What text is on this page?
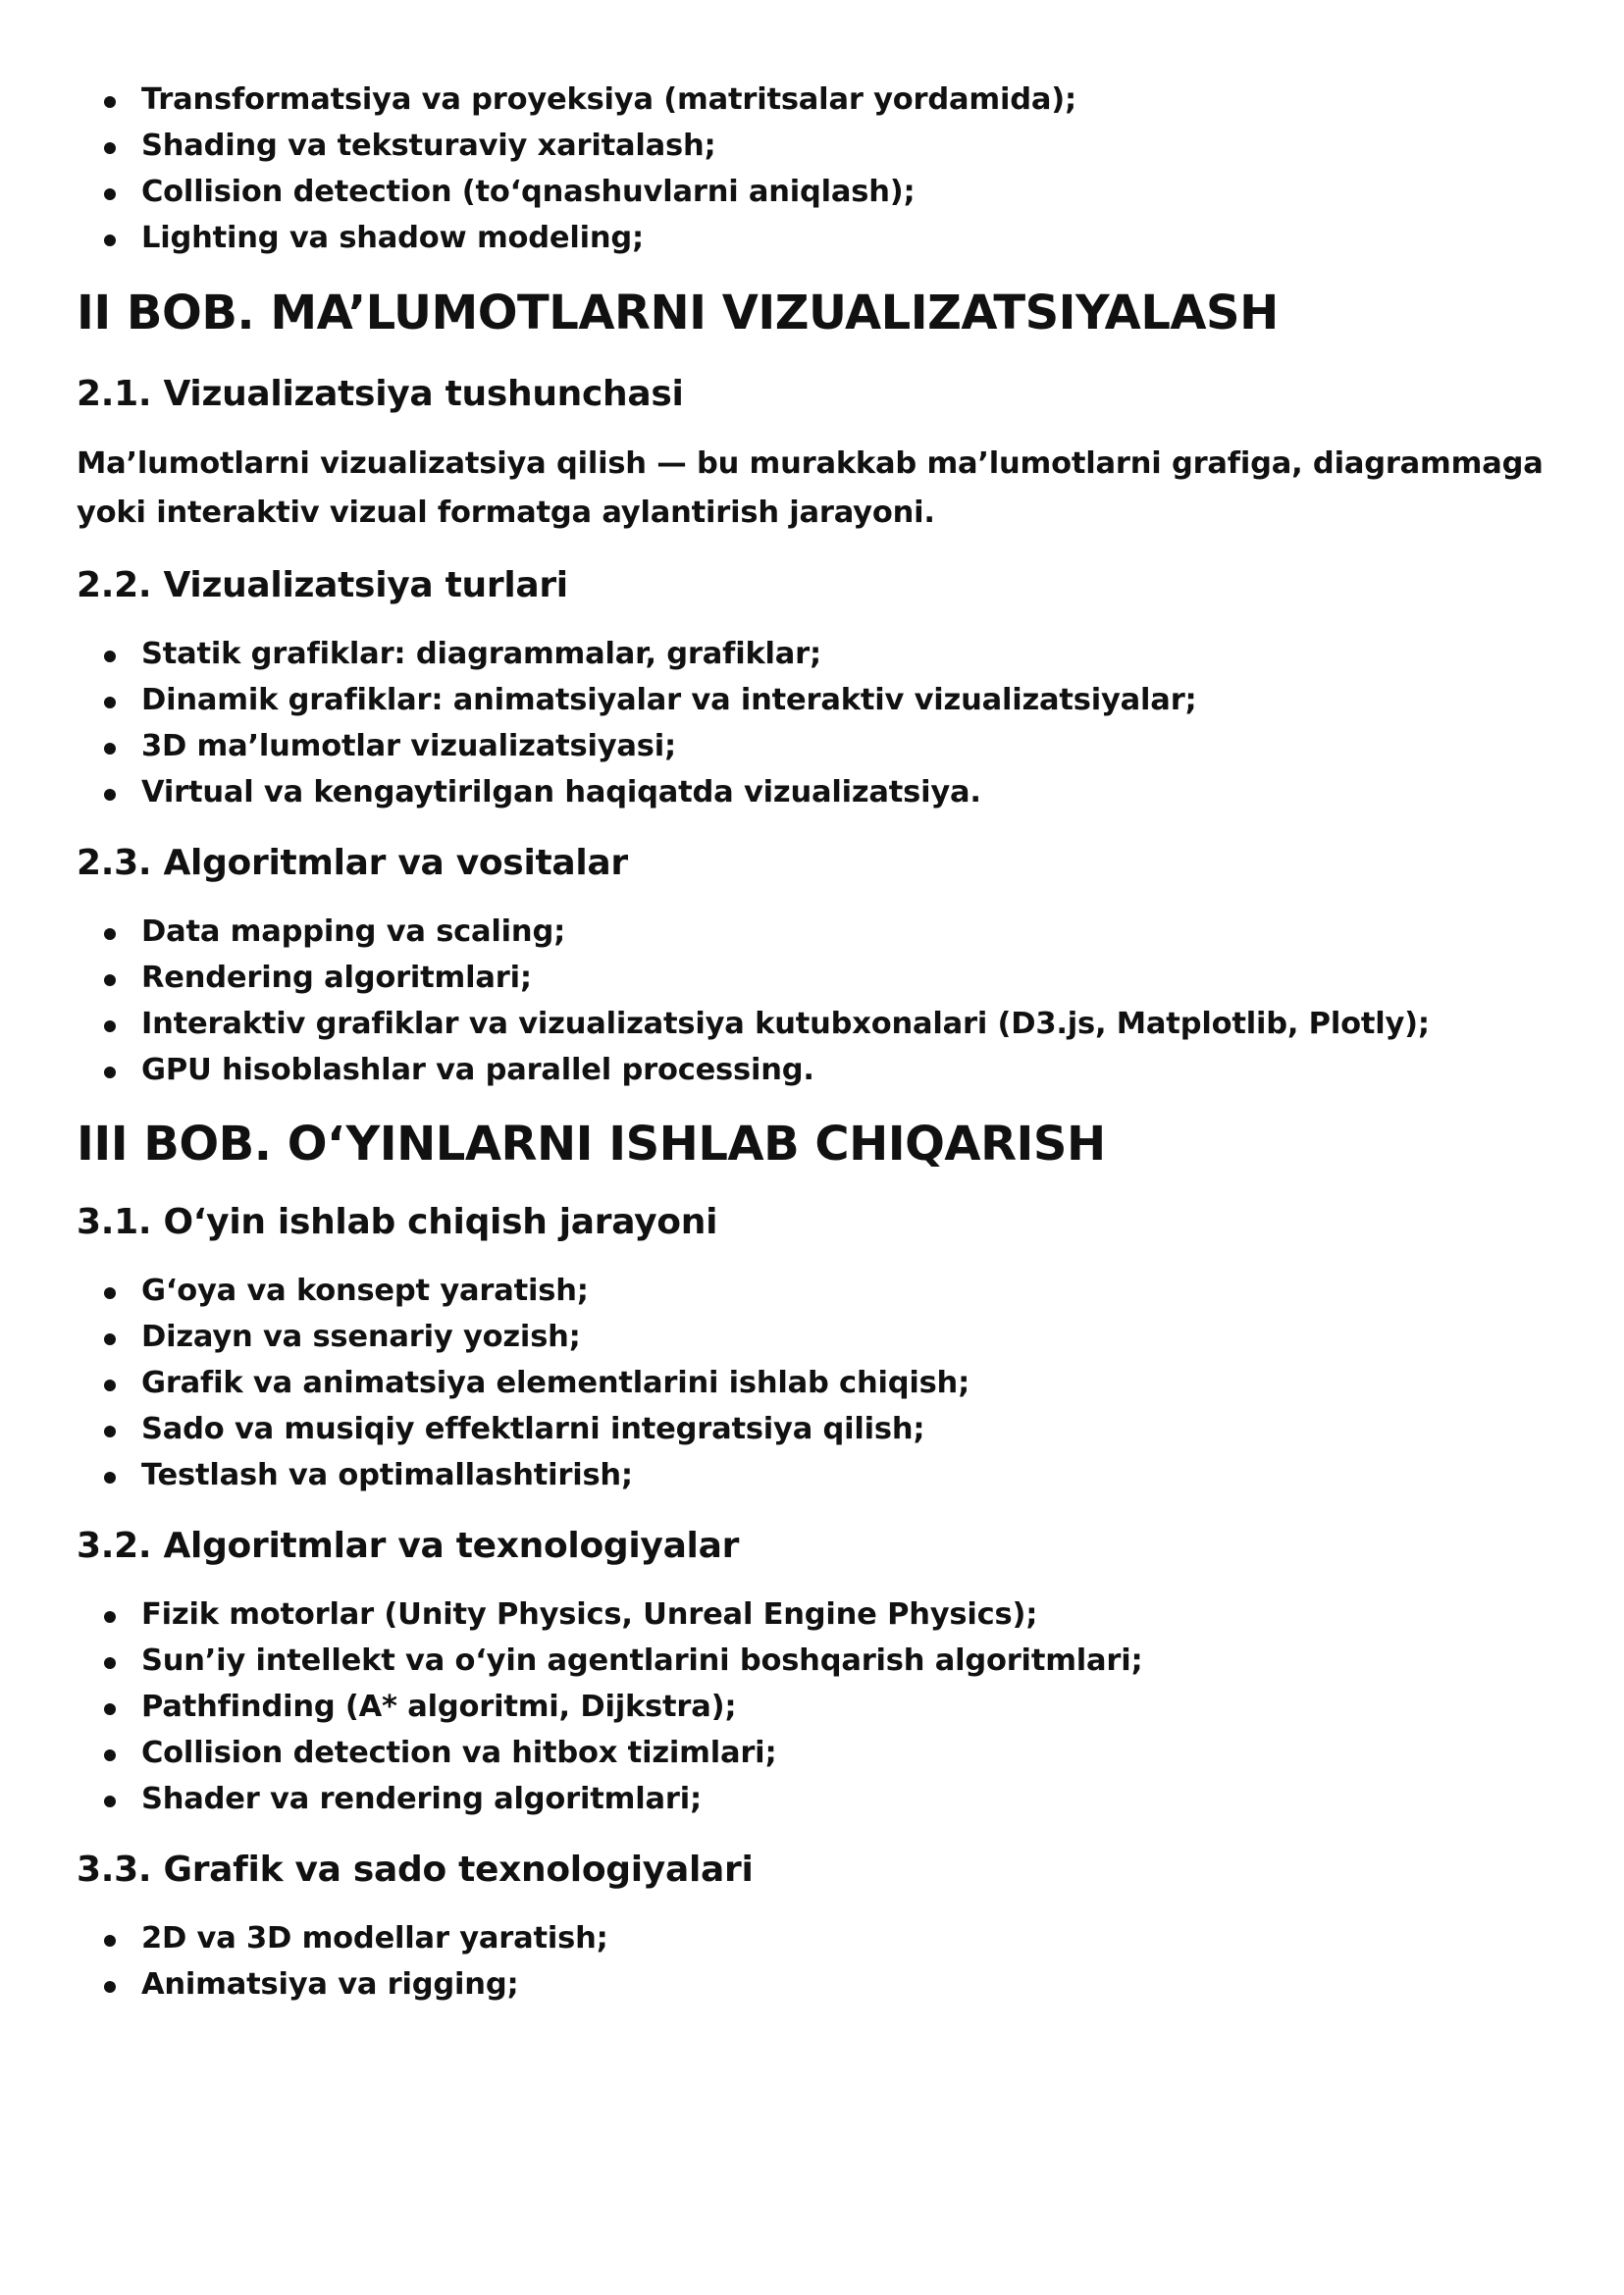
Transformatsiya va proyeksiya (matritsalar yordamida);
Shading va teksturaviy xaritalash;
Collision detection (to‘qnashuvlarni aniqlash);
Lighting va shadow modeling;
II BOB. MA’LUMOTLARNI VIZUALIZATSIYALASH
2.1. Vizualizatsiya tushunchasi

Ma’lumotlarni vizualizatsiya qilish — bu murakkab ma’lumotlarni grafiga, diagrammaga

yoki interaktiv vizual formatga aylantirish jarayoni.

2.2. Vizualizatsiya turlari
Statik grafiklar: diagrammalar, grafiklar;
Dinamik grafiklar: animatsiyalar va interaktiv vizualizatsiyalar;
3D ma’lumotlar vizualizatsiyasi;
Virtual va kengaytirilgan haqiqatda vizualizatsiya.
2.3. Algoritmlar va vositalar
Data mapping va scaling;
Rendering algoritmlari;
Interaktiv grafiklar va vizualizatsiya kutubxonalari (D3.js, Matplotlib, Plotly);
GPU hisoblashlar va parallel processing.
III BOB. O‘YINLARNI ISHLAB CHIQARISH
3.1. O‘yin ishlab chiqish jarayoni
G‘oya va konsept yaratish;
Dizayn va ssenariy yozish;
Grafik va animatsiya elementlarini ishlab chiqish;
Sado va musiqiy effektlarni integratsiya qilish;
Testlash va optimallashtirish;
3.2. Algoritmlar va texnologiyalar
Fizik motorlar (Unity Physics, Unreal Engine Physics);
Sun’iy intellekt va o‘yin agentlarini boshqarish algoritmlari;
Pathfinding (A* algoritmi, Dijkstra);
Collision detection va hitbox tizimlari;
Shader va rendering algoritmlari;
3.3. Grafik va sado texnologiyalari
2D va 3D modellar yaratish;
Animatsiya va rigging;
